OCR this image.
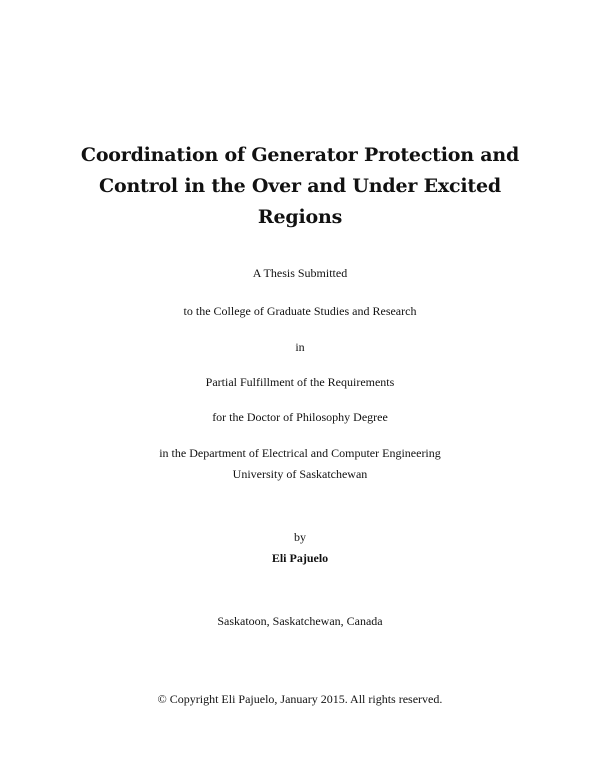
Coordination of Generator Protection and
Control in the Over and Under Excited
Regions
A Thesis Submitted
to the College of Graduate Studies and Research
in
Partial Fulfillment of the Requirements
for the Doctor of Philosophy Degree
in the Department of Electrical and Computer Engineering
University of Saskatchewan
by
Eli Pajuelo
Saskatoon, Saskatchewan, Canada
© Copyright Eli Pajuelo, January 2015. All rights reserved.
